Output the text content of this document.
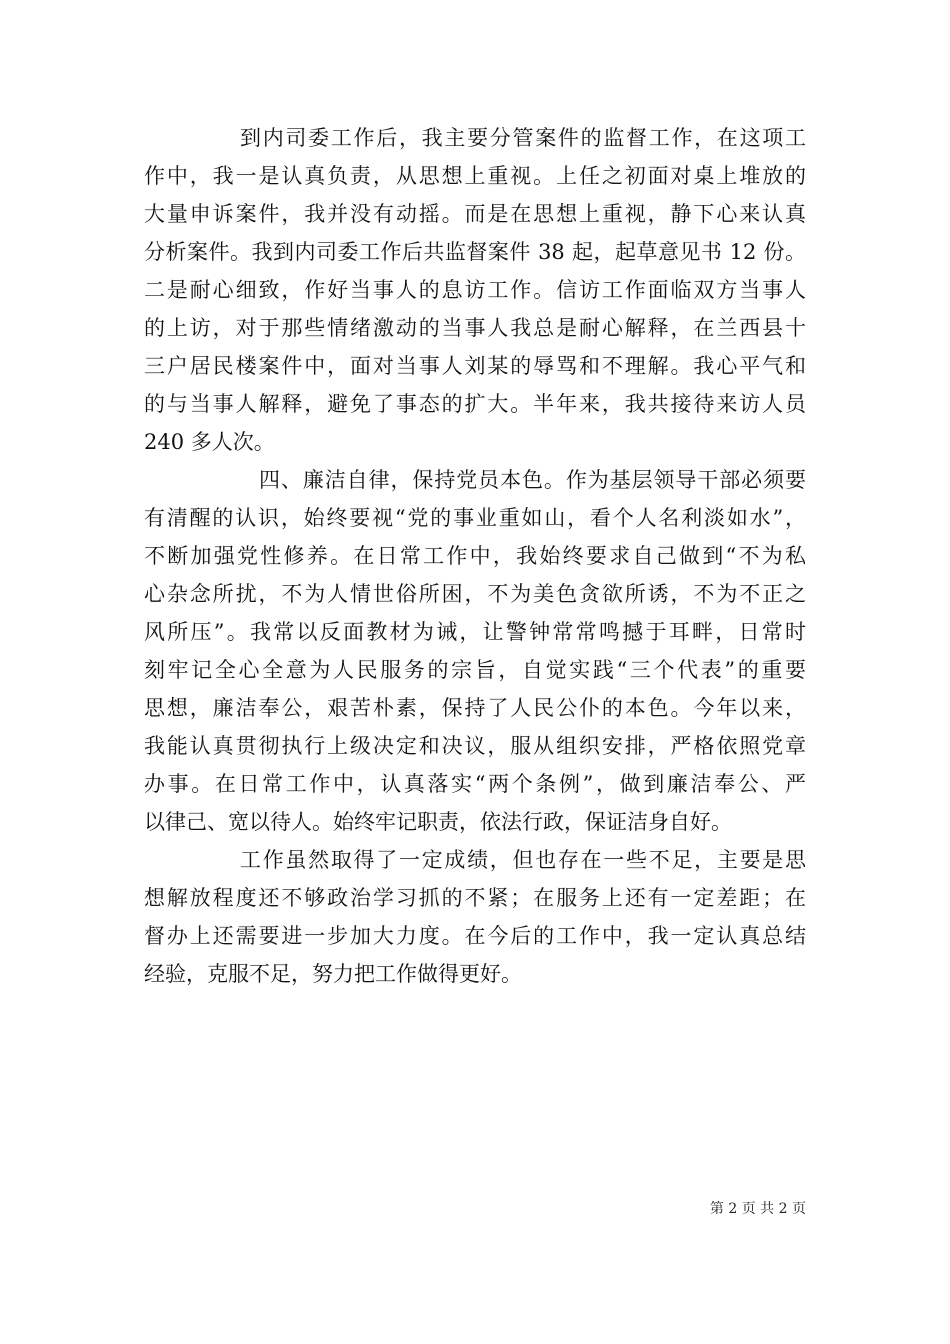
到内司委工作后，我主要分管案件的监督工作，在这项工
作中，我一是认真负责，从思想上重视。上任之初面对桌上堆放的
大量申诉案件，我并没有动摇。而是在思想上重视，静下心来认真
分析案件。我到内司委工作后共监督案件 38 起，起草意见书 12 份。
二是耐心细致，作好当事人的息访工作。信访工作面临双方当事人
的上访，对于那些情绪激动的当事人我总是耐心解释，在兰西县十
三户居民楼案件中，面对当事人刘某的辱骂和不理解。我心平气和
的与当事人解释，避免了事态的扩大。半年来，我共接待来访人员
240 多人次。
四、廉洁自律，保持党员本色。作为基层领导干部必须要
有清醒的认识，始终要视“党的事业重如山，看个人名利淡如水”，
不断加强党性修养。在日常工作中，我始终要求自己做到“不为私
心杂念所扰，不为人情世俗所困，不为美色贪欲所诱，不为不正之
风所压”。我常以反面教材为诫，让警钟常常鸣撼于耳畔，日常时
刻牢记全心全意为人民服务的宗旨，自觉实践“三个代表”的重要
思想，廉洁奉公，艰苦朴素，保持了人民公仆的本色。今年以来，
我能认真贯彻执行上级决定和决议，服从组织安排，严格依照党章
办事。在日常工作中，认真落实“两个条例”，做到廉洁奉公、严
以律己、宽以待人。始终牢记职责，依法行政，保证洁身自好。
工作虽然取得了一定成绩，但也存在一些不足，主要是思
想解放程度还不够政治学习抓的不紧；在服务上还有一定差距；在
督办上还需要进一步加大力度。在今后的工作中，我一定认真总结
经验，克服不足，努力把工作做得更好。
第 2 页 共 2 页
